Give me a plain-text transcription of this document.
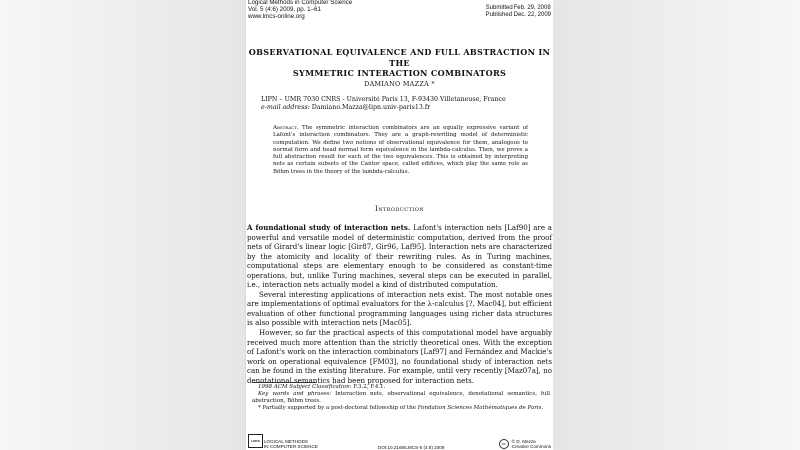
Logical Methods in Computer Science
Vol. 5 (4:6) 2009, pp. 1–61
www.lmcs-online.org
Submitted Feb. 29, 2008
Published Dec. 22, 2009
OBSERVATIONAL EQUIVALENCE AND FULL ABSTRACTION IN THE
SYMMETRIC INTERACTION COMBINATORS
DAMIANO MAZZA *
LIPN – UMR 7030 CNRS - Université Paris 13, F-93430 Villetaneuse, France
e-mail address: Damiano.Mazza@lipn.univ-paris13.fr
Abstract. The symmetric interaction combinators are an equally expressive variant of Lafont's interaction combinators. They are a graph-rewriting model of deterministic computation. We define two notions of observational equivalence for them, analogous to normal form and head normal form equivalence in the lambda-calculus. Then, we prove a full abstraction result for each of the two equivalences. This is obtained by interpreting nets as certain subsets of the Cantor space, called edifices, which play the same role as Böhm trees in the theory of the lambda-calculus.
Introduction

A foundational study of interaction nets. Lafont's interaction nets [Laf90] are a powerful and versatile model of deterministic computation, derived from the proof nets of Girard's linear logic [Gir87, Gir96, Laf95]. Interaction nets are characterized by the atomicity and locality of their rewriting rules. As in Turing machines, computational steps are elementary enough to be considered as constant-time operations, but, unlike Turing machines, several steps can be executed in parallel, i.e., interaction nets actually model a kind of distributed computation.

Several interesting applications of interaction nets exist. The most notable ones are implementations of optimal evaluators for the λ-calculus [?, Mac04], but efficient evaluation of other functional programming languages using richer data structures is also possible with interaction nets [Mac05].

However, so far the practical aspects of this computational model have arguably received much more attention than the strictly theoretical ones. With the exception of Lafont's work on the interaction combinators [Laf97] and Fernández and Mackie's work on operational equivalence [FM03], no foundational study of interaction nets can be found in the existing literature. For example, until very recently [Maz07a], no denotational semantics had been proposed for interaction nets.

1998 ACM Subject Classification: F.3.2, F.4.1.

Key words and phrases: Interaction nets, observational equivalence, denotational semantics, full abstraction, Böhm trees.

* Partially supported by a post-doctoral fellowship of the Fondation Sciences Mathématiques de Paris.

LMCS LOGICAL METHODS
IN COMPUTER SCIENCE	DOI:10.2168/LMCS-5 (4:6) 2009
cc	© D. Mazza
Creative Commons
